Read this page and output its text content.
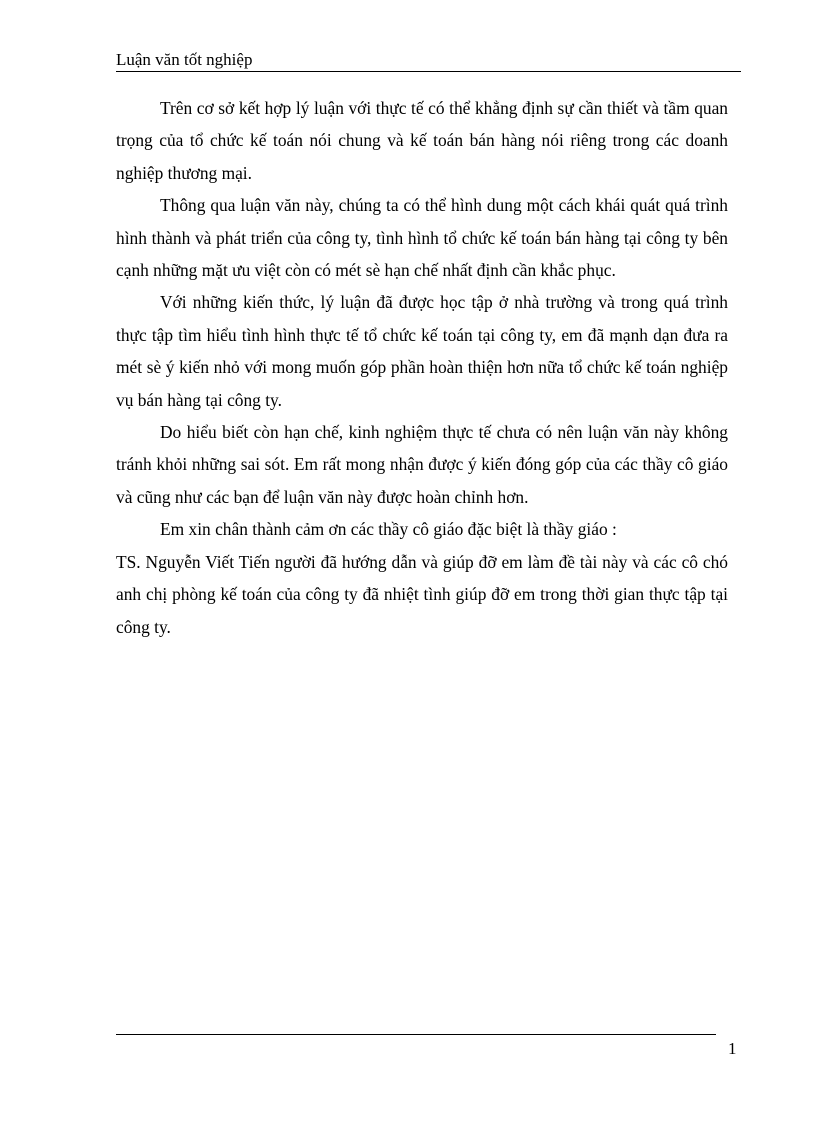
Luận văn tốt nghiệp

Trên cơ sở kết hợp lý luận với thực tế có thể khẳng định sự cần thiết và tầm quan trọng của tổ chức kế toán nói chung và kế toán bán hàng nói riêng trong các doanh nghiệp thương mại.

Thông qua luận văn này, chúng ta có thể hình dung một cách khái quát quá trình hình thành và phát triển của công ty, tình hình tổ chức kế toán bán hàng tại công ty bên cạnh những mặt ưu việt còn có mét sè hạn chế nhất định cần khắc phục.

Với những kiến thức, lý luận đã được học tập ở nhà trường và trong quá trình thực tập tìm hiểu tình hình thực tế tổ chức kế toán tại công ty, em đã mạnh dạn đưa ra mét sè ý kiến nhỏ với mong muốn góp phần hoàn thiện hơn nữa tổ chức kế toán nghiệp vụ bán hàng tại công ty.

Do hiểu biết còn hạn chế, kinh nghiệm thực tế chưa có nên luận văn này không tránh khỏi những sai sót. Em rất mong nhận được ý kiến đóng góp của các thầy cô giáo và cũng như các bạn để luận văn này được hoàn chỉnh hơn.

Em xin chân thành cảm ơn các thầy cô giáo đặc biệt là thầy giáo :

TS. Nguyễn Viết Tiến người đã hướng dẫn và giúp đỡ em làm đề tài này và các cô chó anh chị phòng kế toán của công ty đã nhiệt tình giúp đỡ em trong thời gian thực tập tại công ty.

1
